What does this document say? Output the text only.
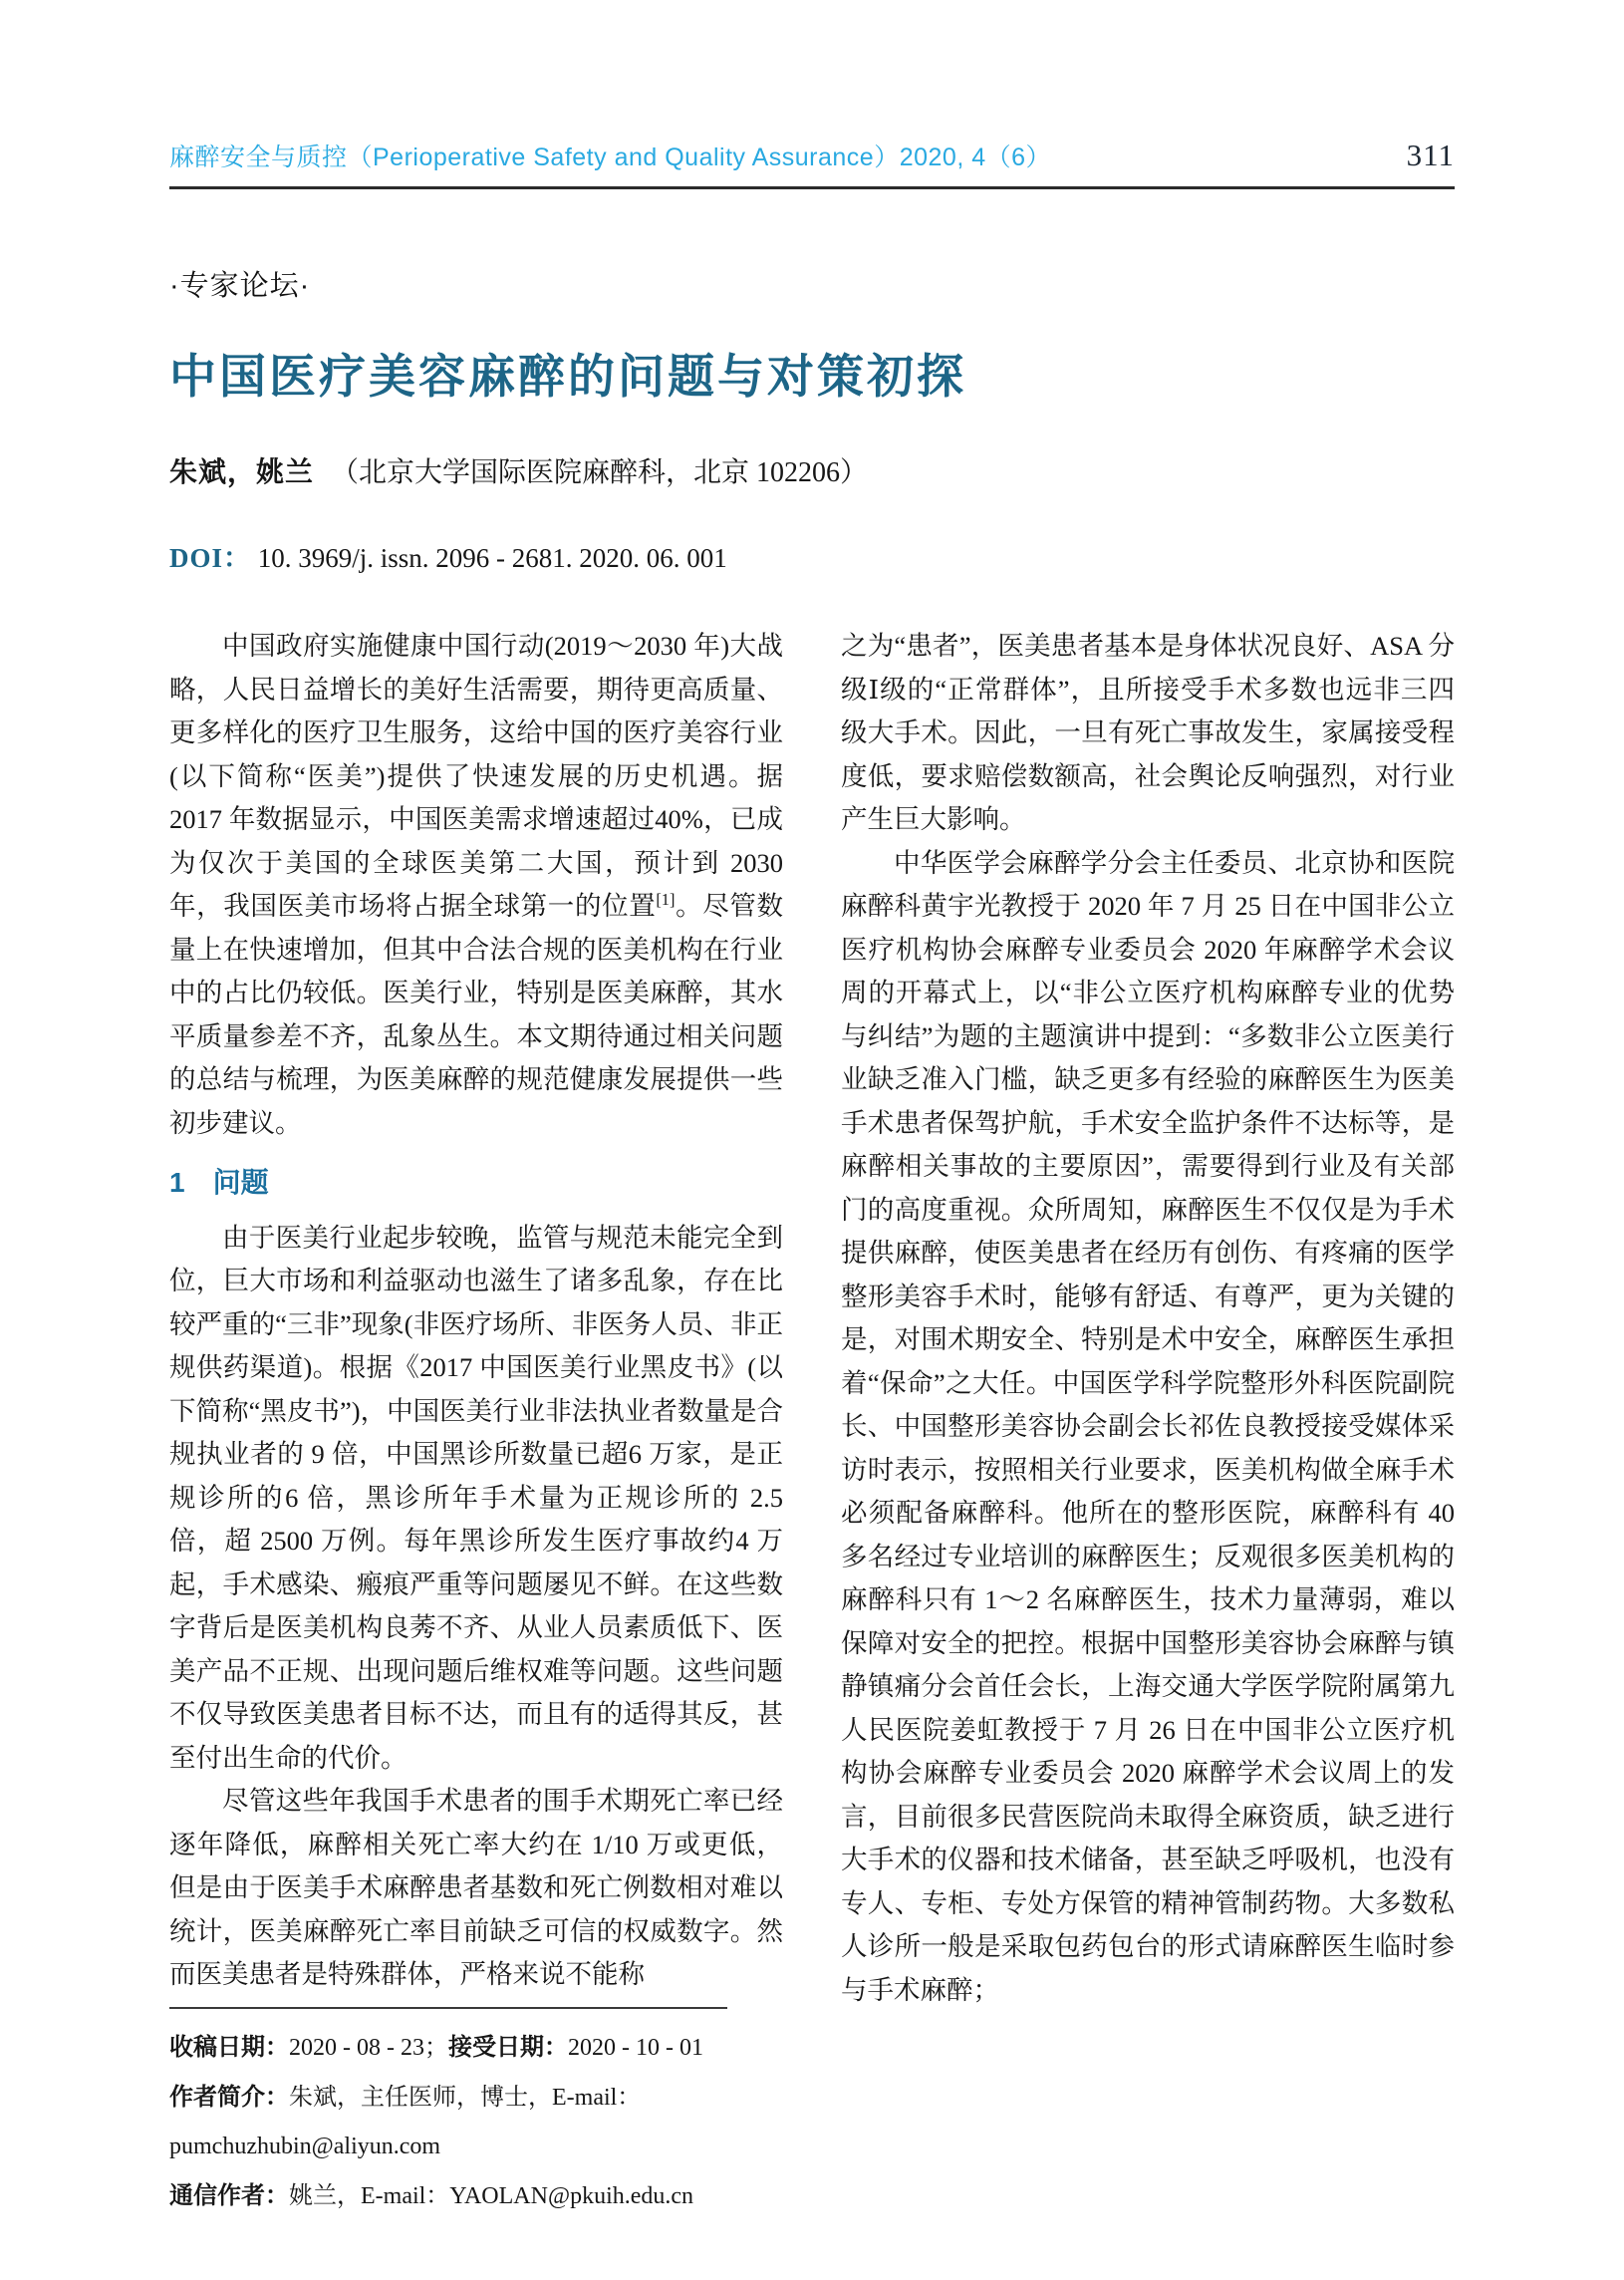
麻醉安全与质控（Perioperative Safety and Quality Assurance）2020, 4（6）	311
·专家论坛·
中国医疗美容麻醉的问题与对策初探
朱斌，姚兰 （北京大学国际医院麻醉科，北京 102206）
DOI： 10. 3969/j. issn. 2096 - 2681. 2020. 06. 001

中国政府实施健康中国行动(2019～2030 年)大战略，人民日益增长的美好生活需要，期待更高质量、更多样化的医疗卫生服务，这给中国的医疗美容行业(以下简称“医美”)提供了快速发展的历史机遇。据2017 年数据显示，中国医美需求增速超过40%，已成为仅次于美国的全球医美第二大国，预计到 2030 年，我国医美市场将占据全球第一的位置[1]。尽管数量上在快速增加，但其中合法合规的医美机构在行业中的占比仍较低。医美行业，特别是医美麻醉，其水平质量参差不齐，乱象丛生。本文期待通过相关问题的总结与梳理，为医美麻醉的规范健康发展提供一些初步建议。

1 问题

由于医美行业起步较晚，监管与规范未能完全到位，巨大市场和利益驱动也滋生了诸多乱象，存在比较严重的“三非”现象(非医疗场所、非医务人员、非正规供药渠道)。根据《2017 中国医美行业黑皮书》(以下简称“黑皮书”)，中国医美行业非法执业者数量是合规执业者的 9 倍，中国黑诊所数量已超6 万家，是正规诊所的6 倍，黑诊所年手术量为正规诊所的 2.5 倍，超 2500 万例。每年黑诊所发生医疗事故约4 万起，手术感染、瘢痕严重等问题屡见不鲜。在这些数字背后是医美机构良莠不齐、从业人员素质低下、医美产品不正规、出现问题后维权难等问题。这些问题不仅导致医美患者目标不达，而且有的适得其反，甚至付出生命的代价。

尽管这些年我国手术患者的围手术期死亡率已经逐年降低，麻醉相关死亡率大约在 1/10 万或更低，但是由于医美手术麻醉患者基数和死亡例数相对难以统计，医美麻醉死亡率目前缺乏可信的权威数字。然而医美患者是特殊群体，严格来说不能称

收稿日期：2020 - 08 - 23；接受日期：2020 - 10 - 01

作者简介：朱斌，主任医师，博士，E-mail：pumchuzhubin@aliyun.com

通信作者：姚兰，E-mail：YAOLAN@pkuih.edu.cn

之为“患者”，医美患者基本是身体状况良好、ASA 分级Ⅰ级的“正常群体”，且所接受手术多数也远非三四级大手术。因此，一旦有死亡事故发生，家属接受程度低，要求赔偿数额高，社会舆论反响强烈，对行业产生巨大影响。

中华医学会麻醉学分会主任委员、北京协和医院麻醉科黄宇光教授于 2020 年 7 月 25 日在中国非公立医疗机构协会麻醉专业委员会 2020 年麻醉学术会议周的开幕式上，以“非公立医疗机构麻醉专业的优势与纠结”为题的主题演讲中提到：“多数非公立医美行业缺乏准入门槛，缺乏更多有经验的麻醉医生为医美手术患者保驾护航，手术安全监护条件不达标等，是麻醉相关事故的主要原因”，需要得到行业及有关部门的高度重视。众所周知，麻醉医生不仅仅是为手术提供麻醉，使医美患者在经历有创伤、有疼痛的医学整形美容手术时，能够有舒适、有尊严，更为关键的是，对围术期安全、特别是术中安全，麻醉医生承担着“保命”之大任。中国医学科学院整形外科医院副院长、中国整形美容协会副会长祁佐良教授接受媒体采访时表示，按照相关行业要求，医美机构做全麻手术必须配备麻醉科。他所在的整形医院，麻醉科有 40 多名经过专业培训的麻醉医生；反观很多医美机构的麻醉科只有 1～2 名麻醉医生，技术力量薄弱，难以保障对安全的把控。根据中国整形美容协会麻醉与镇静镇痛分会首任会长，上海交通大学医学院附属第九人民医院姜虹教授于 7 月 26 日在中国非公立医疗机构协会麻醉专业委员会 2020 麻醉学术会议周上的发言，目前很多民营医院尚未取得全麻资质，缺乏进行大手术的仪器和技术储备，甚至缺乏呼吸机，也没有专人、专柜、专处方保管的精神管制药物。大多数私人诊所一般是采取包药包台的形式请麻醉医生临时参与手术麻醉；
